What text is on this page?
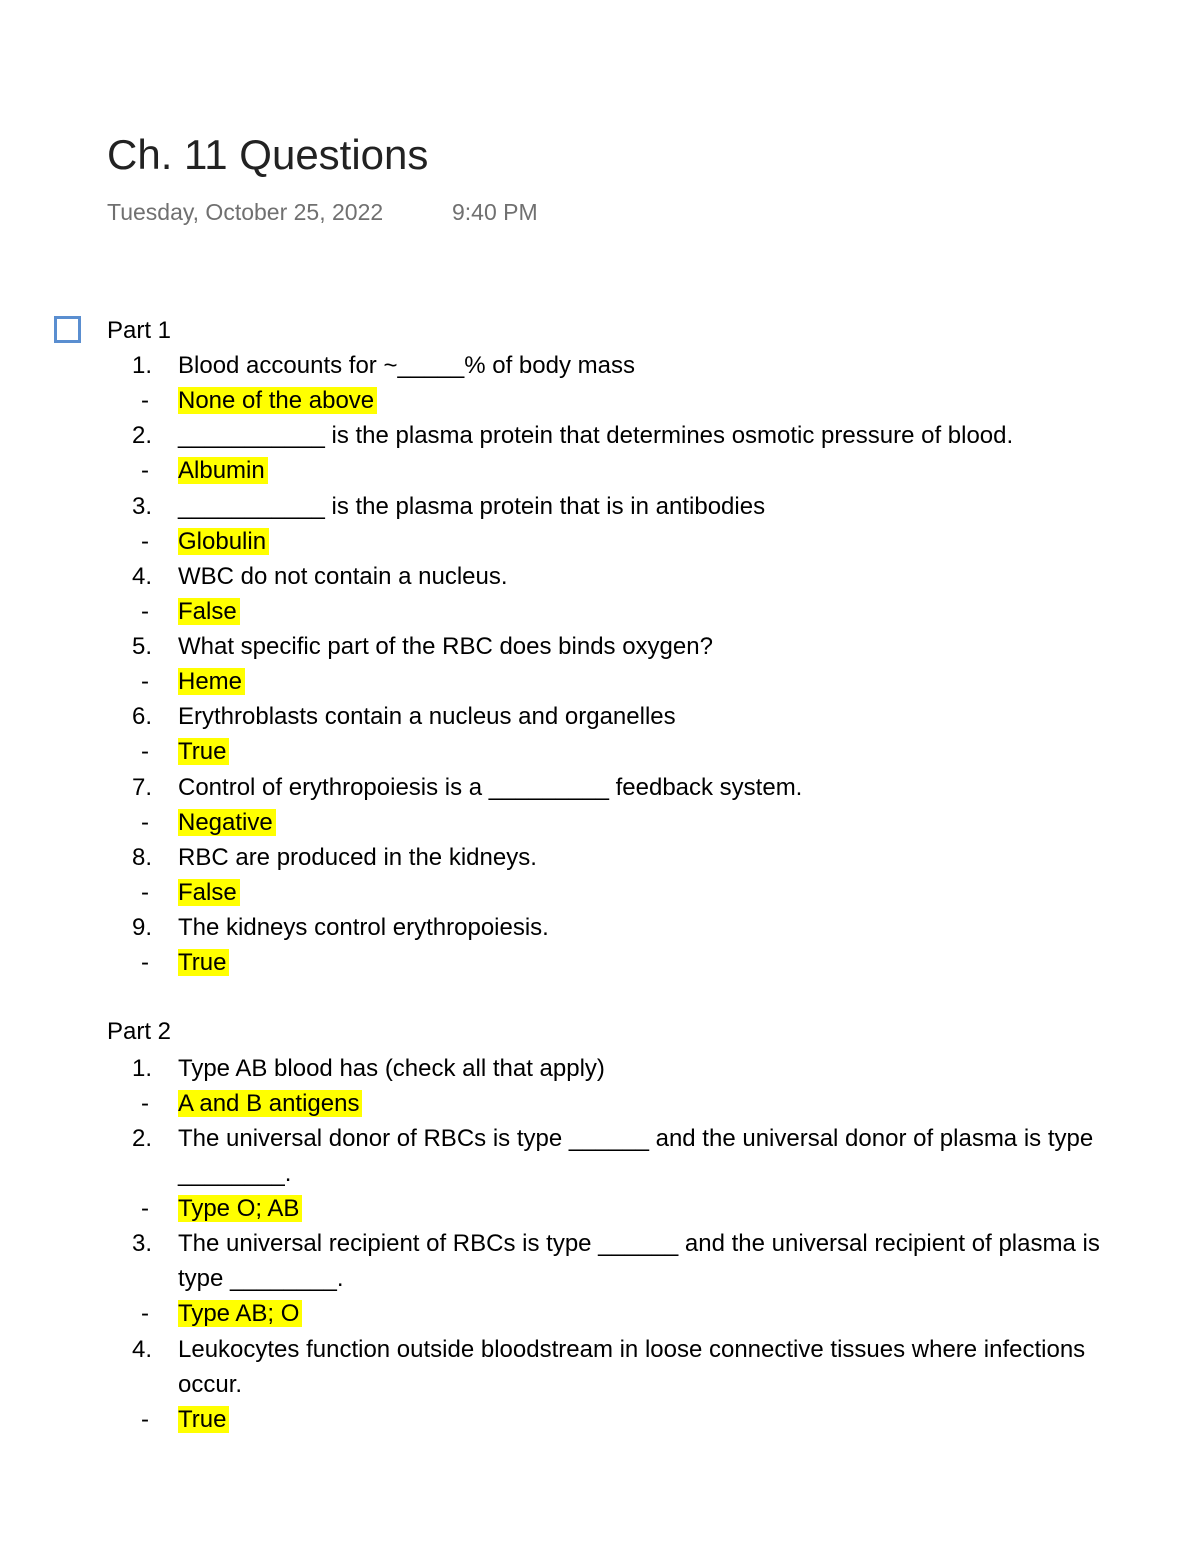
Ch. 11 Questions
Tuesday, October 25, 2022	9:40 PM
Part 1
1. Blood accounts for ~_____% of body mass
- None of the above
2. ___________ is the plasma protein that determines osmotic pressure of blood.
- Albumin
3. ___________ is the plasma protein that is in antibodies
- Globulin
4. WBC do not contain a nucleus.
- False
5. What specific part of the RBC does binds oxygen?
- Heme
6. Erythroblasts contain a nucleus and organelles
- True
7. Control of erythropoiesis is a _________ feedback system.
- Negative
8. RBC are produced in the kidneys.
- False
9. The kidneys control erythropoiesis.
- True
Part 2
1. Type AB blood has (check all that apply)
- A and B antigens
2. The universal donor of RBCs is type ______ and the universal donor of plasma is type ________.
- Type O; AB
3. The universal recipient of RBCs is type ______ and the universal recipient of plasma is type ________.
- Type AB; O
4. Leukocytes function outside bloodstream in loose connective tissues where infections occur.
- True
